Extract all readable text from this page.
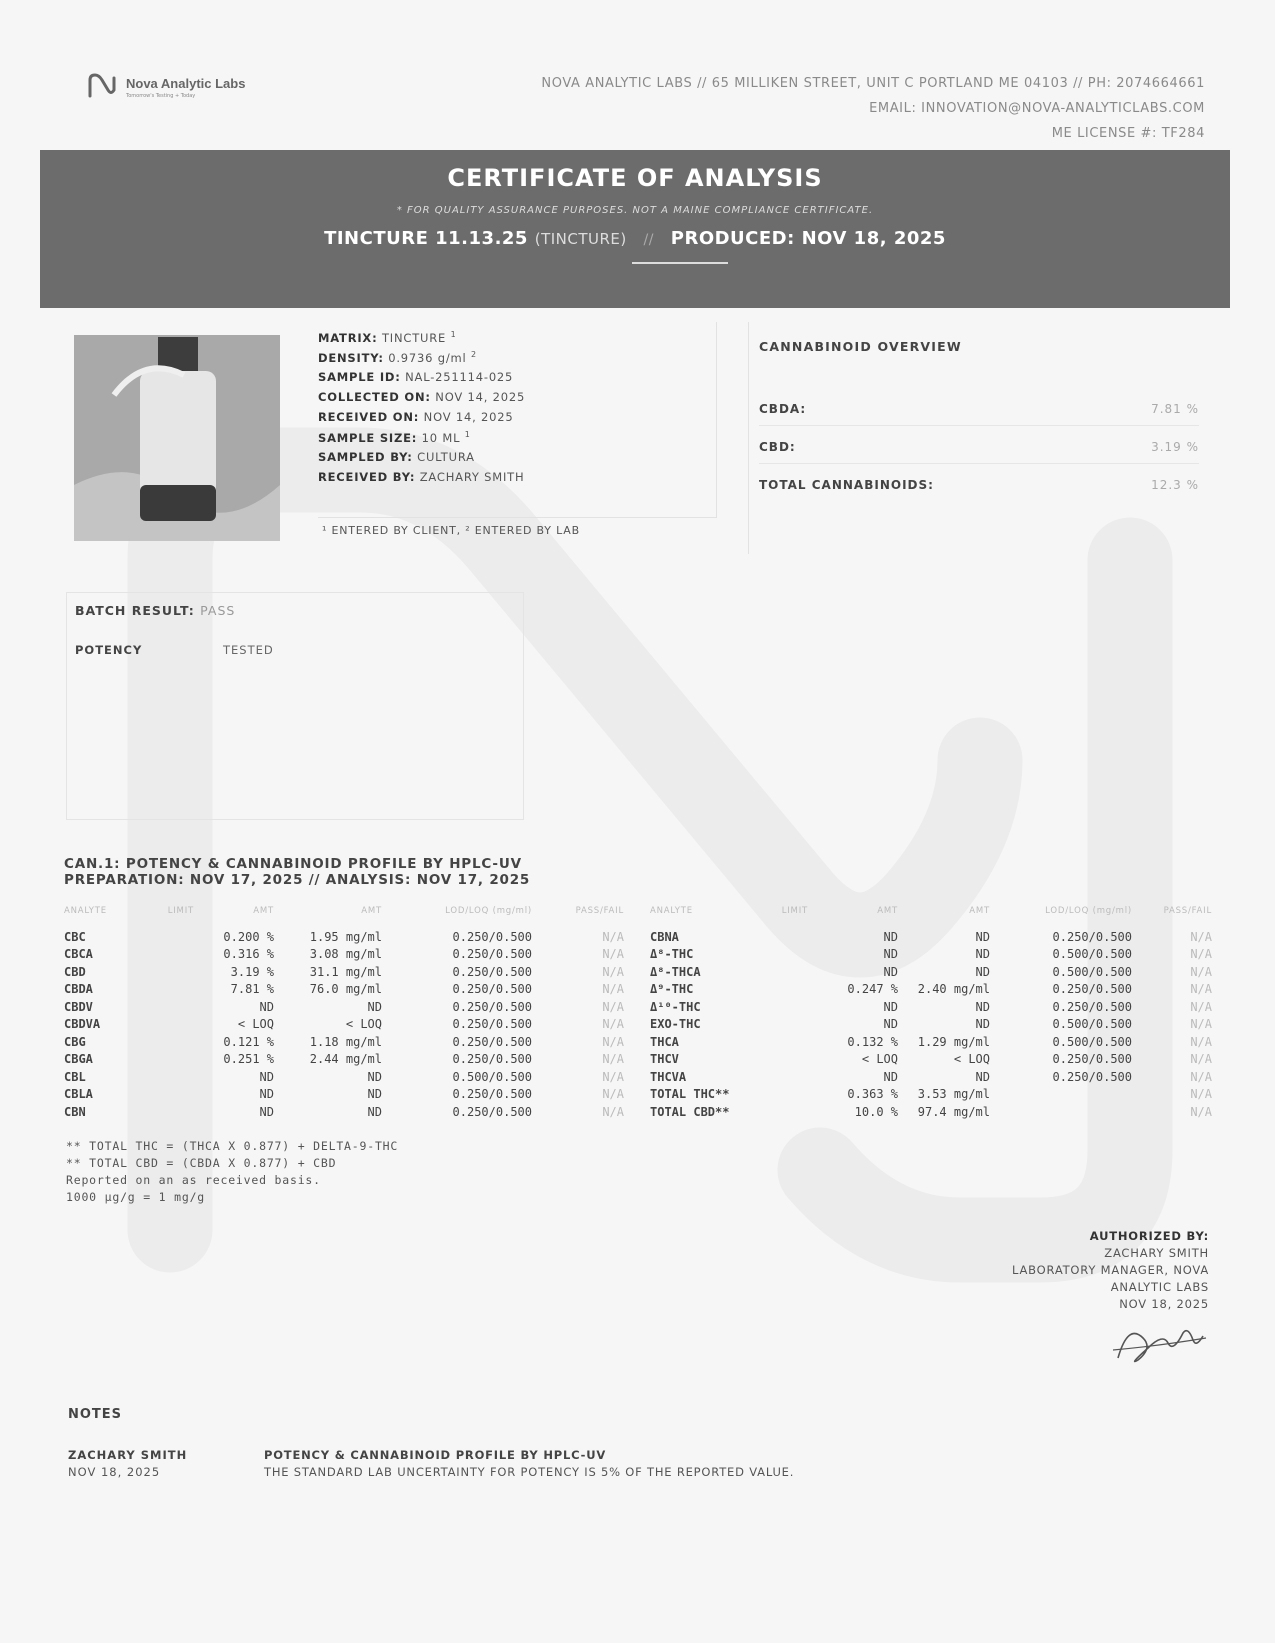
Nova Analytic Labs
Tomorrow's Testing + Today
NOVA ANALYTIC LABS // 65 MILLIKEN STREET, UNIT C PORTLAND ME 04103 // PH: 2074664661
EMAIL: INNOVATION@NOVA-ANALYTICLABS.COM
ME LICENSE #: TF284
CERTIFICATE OF ANALYSIS
* FOR QUALITY ASSURANCE PURPOSES. NOT A MAINE COMPLIANCE CERTIFICATE.
TINCTURE 11.13.25 (TINCTURE) // PRODUCED: NOV 18, 2025
MATRIX: TINCTURE $^1$
DENSITY: 0.9736 g/ml $^2$
SAMPLE ID: NAL-251114-025
COLLECTED ON: NOV 14, 2025
RECEIVED ON: NOV 14, 2025
SAMPLE SIZE: 10 ML $^1$
SAMPLED BY: CULTURA
RECEIVED BY: ZACHARY SMITH
¹ ENTERED BY CLIENT, ² ENTERED BY LAB
CANNABINOID OVERVIEW
CBDA:	7.81 %
CBD:	3.19 %
TOTAL CANNABINOIDS:	12.3 %
BATCH RESULT: PASS
POTENCY	TESTED
CAN.1: POTENCY & CANNABINOID PROFILE BY HPLC-UV
PREPARATION: NOV 17, 2025 // ANALYSIS: NOV 17, 2025
ANALYTE	LIMIT	AMT	AMT	LOD/LOQ (mg/ml)	PASS/FAIL
CBC		0.200 %	1.95 mg/ml	0.250/0.500	N/A
CBCA		0.316 %	3.08 mg/ml	0.250/0.500	N/A
CBD		3.19 %	31.1 mg/ml	0.250/0.500	N/A
CBDA		7.81 %	76.0 mg/ml	0.250/0.500	N/A
CBDV		ND	ND	0.250/0.500	N/A
CBDVA		< LOQ	< LOQ	0.250/0.500	N/A
CBG		0.121 %	1.18 mg/ml	0.250/0.500	N/A
CBGA		0.251 %	2.44 mg/ml	0.250/0.500	N/A
CBL		ND	ND	0.500/0.500	N/A
CBLA		ND	ND	0.250/0.500	N/A
CBN		ND	ND	0.250/0.500	N/A
ANALYTE	LIMIT	AMT	AMT	LOD/LOQ (mg/ml)	PASS/FAIL
CBNA		ND	ND	0.250/0.500	N/A
Δ⁸-THC		ND	ND	0.500/0.500	N/A
Δ⁸-THCA		ND	ND	0.500/0.500	N/A
Δ⁹-THC		0.247 %	2.40 mg/ml	0.250/0.500	N/A
Δ¹⁰-THC		ND	ND	0.250/0.500	N/A
EXO-THC		ND	ND	0.500/0.500	N/A
THCA		0.132 %	1.29 mg/ml	0.500/0.500	N/A
THCV		< LOQ	< LOQ	0.250/0.500	N/A
THCVA		ND	ND	0.250/0.500	N/A
TOTAL THC**		0.363 %	3.53 mg/ml		N/A
TOTAL CBD**		10.0 %	97.4 mg/ml		N/A
** TOTAL THC = (THCA X 0.877) + DELTA-9-THC
** TOTAL CBD = (CBDA X 0.877) + CBD
Reported on an as received basis.
1000 µg/g = 1 mg/g
AUTHORIZED BY:
ZACHARY SMITH
LABORATORY MANAGER, NOVA
ANALYTIC LABS
NOV 18, 2025
NOTES
ZACHARY SMITH
NOV 18, 2025
POTENCY & CANNABINOID PROFILE BY HPLC-UV
THE STANDARD LAB UNCERTAINTY FOR POTENCY IS 5% OF THE REPORTED VALUE.
